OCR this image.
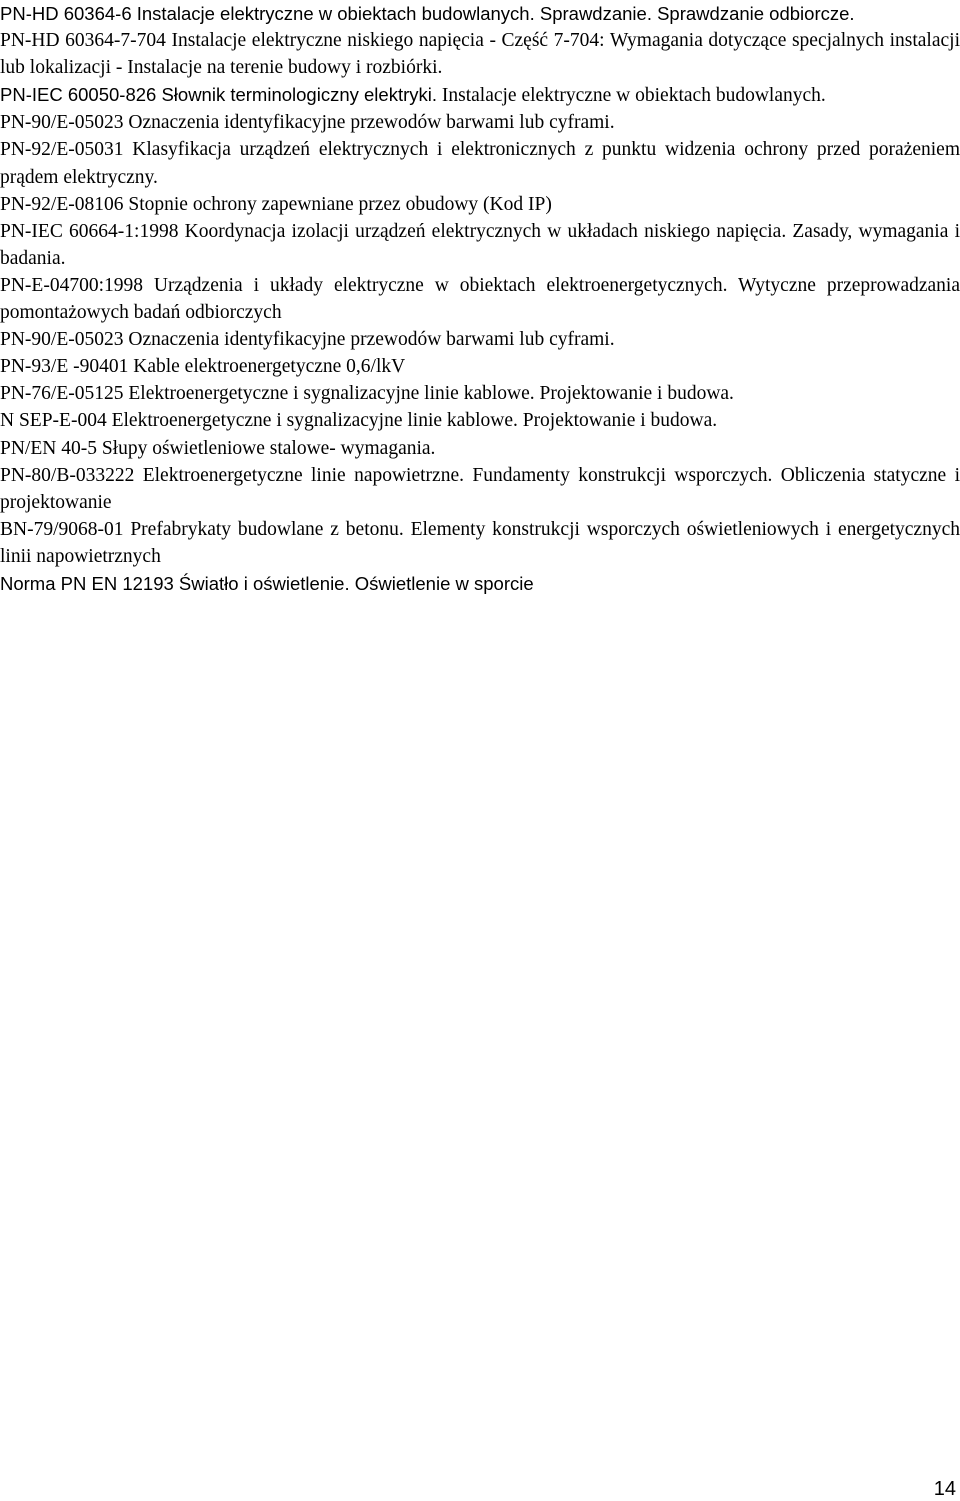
PN-HD 60364-6 Instalacje elektryczne w obiektach budowlanych. Sprawdzanie. Sprawdzanie odbiorcze.

PN-HD 60364-7-704 Instalacje elektryczne niskiego napięcia - Część 7-704: Wymagania dotyczące specjalnych instalacji lub lokalizacji - Instalacje na terenie budowy i rozbiórki.

PN-IEC 60050-826 Słownik terminologiczny elektryki. Instalacje elektryczne w obiektach budowlanych.

PN-90/E-05023 Oznaczenia identyfikacyjne przewodów barwami lub cyframi.

PN-92/E-05031 Klasyfikacja urządzeń elektrycznych i elektronicznych z punktu widzenia ochrony przed porażeniem prądem elektryczny.

PN-92/E-08106 Stopnie ochrony zapewniane przez obudowy (Kod IP)

PN-IEC 60664-1:1998 Koordynacja izolacji urządzeń elektrycznych w układach niskiego napięcia. Zasady, wymagania i badania.

PN-E-04700:1998 Urządzenia i układy elektryczne w obiektach elektroenergetycznych. Wytyczne przeprowadzania pomontażowych badań odbiorczych

PN-90/E-05023 Oznaczenia identyfikacyjne przewodów barwami lub cyframi.

PN-93/E -90401 Kable elektroenergetyczne 0,6/lkV

PN-76/E-05125 Elektroenergetyczne i sygnalizacyjne linie kablowe. Projektowanie i budowa.

N SEP-E-004 Elektroenergetyczne i sygnalizacyjne linie kablowe. Projektowanie i budowa.

PN/EN 40-5 Słupy oświetleniowe stalowe- wymagania.

PN-80/B-033222 Elektroenergetyczne linie napowietrzne. Fundamenty konstrukcji wsporczych. Obliczenia statyczne i projektowanie

BN-79/9068-01 Prefabrykaty budowlane z betonu. Elementy konstrukcji wsporczych oświetleniowych i energetycznych linii napowietrznych

Norma PN EN 12193 Światło i oświetlenie. Oświetlenie w sporcie

14
